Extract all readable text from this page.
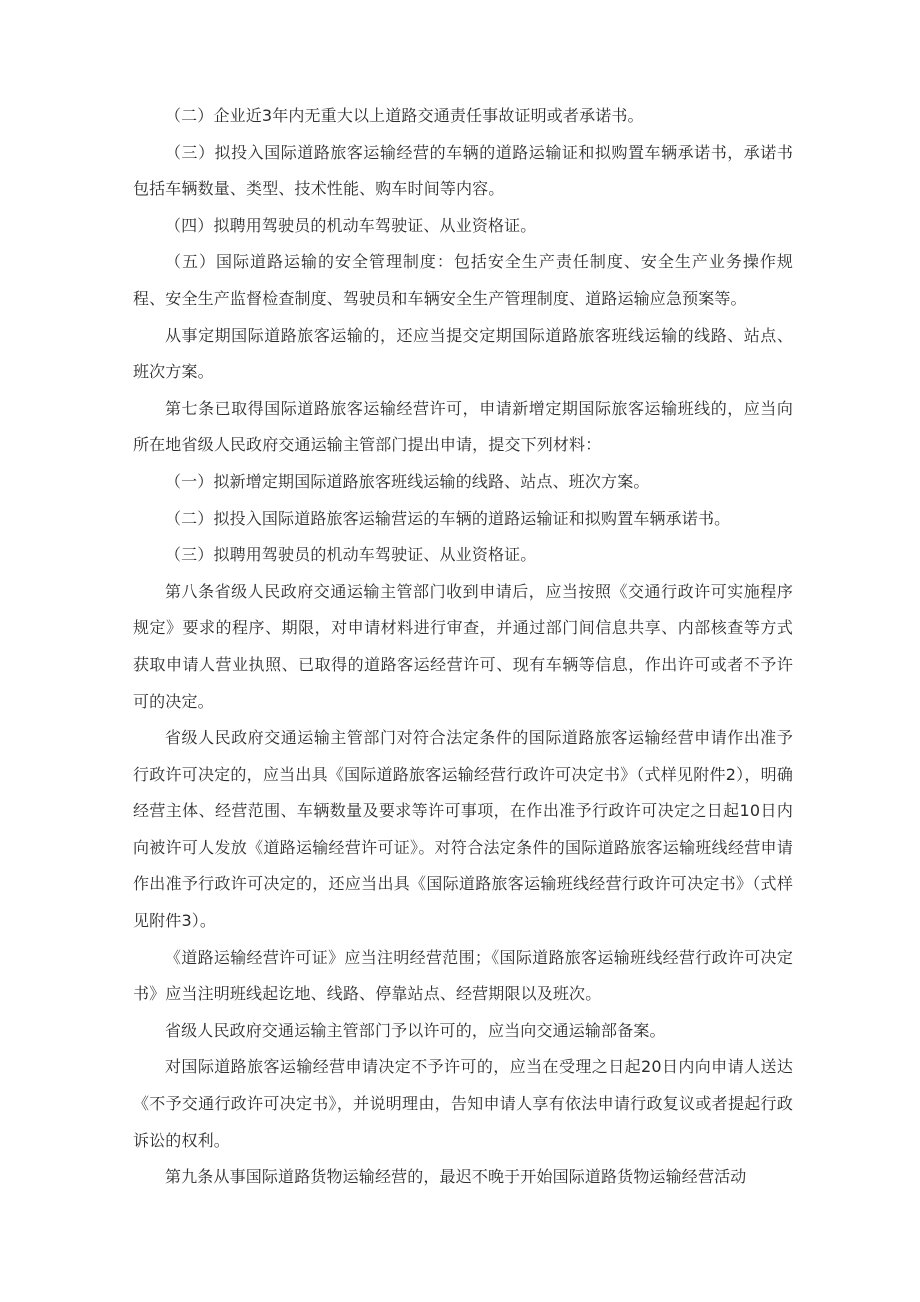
（二）企业近3年内无重大以上道路交通责任事故证明或者承诺书。

（三）拟投入国际道路旅客运输经营的车辆的道路运输证和拟购置车辆承诺书，承诺书包括车辆数量、类型、技术性能、购车时间等内容。

（四）拟聘用驾驶员的机动车驾驶证、从业资格证。

（五）国际道路运输的安全管理制度：包括安全生产责任制度、安全生产业务操作规程、安全生产监督检查制度、驾驶员和车辆安全生产管理制度、道路运输应急预案等。

从事定期国际道路旅客运输的，还应当提交定期国际道路旅客班线运输的线路、站点、班次方案。

第七条已取得国际道路旅客运输经营许可，申请新增定期国际旅客运输班线的，应当向所在地省级人民政府交通运输主管部门提出申请，提交下列材料：

（一）拟新增定期国际道路旅客班线运输的线路、站点、班次方案。

（二）拟投入国际道路旅客运输营运的车辆的道路运输证和拟购置车辆承诺书。

（三）拟聘用驾驶员的机动车驾驶证、从业资格证。

第八条省级人民政府交通运输主管部门收到申请后，应当按照《交通行政许可实施程序规定》要求的程序、期限，对申请材料进行审查，并通过部门间信息共享、内部核查等方式获取申请人营业执照、已取得的道路客运经营许可、现有车辆等信息，作出许可或者不予许可的决定。

省级人民政府交通运输主管部门对符合法定条件的国际道路旅客运输经营申请作出准予行政许可决定的，应当出具《国际道路旅客运输经营行政许可决定书》（式样见附件2），明确经营主体、经营范围、车辆数量及要求等许可事项，在作出准予行政许可决定之日起10日内向被许可人发放《道路运输经营许可证》。对符合法定条件的国际道路旅客运输班线经营申请作出准予行政许可决定的，还应当出具《国际道路旅客运输班线经营行政许可决定书》（式样见附件3）。

《道路运输经营许可证》应当注明经营范围；《国际道路旅客运输班线经营行政许可决定书》应当注明班线起讫地、线路、停靠站点、经营期限以及班次。

省级人民政府交通运输主管部门予以许可的，应当向交通运输部备案。

对国际道路旅客运输经营申请决定不予许可的，应当在受理之日起20日内向申请人送达《不予交通行政许可决定书》，并说明理由，告知申请人享有依法申请行政复议或者提起行政诉讼的权利。

第九条从事国际道路货物运输经营的，最迟不晚于开始国际道路货物运输经营活动
